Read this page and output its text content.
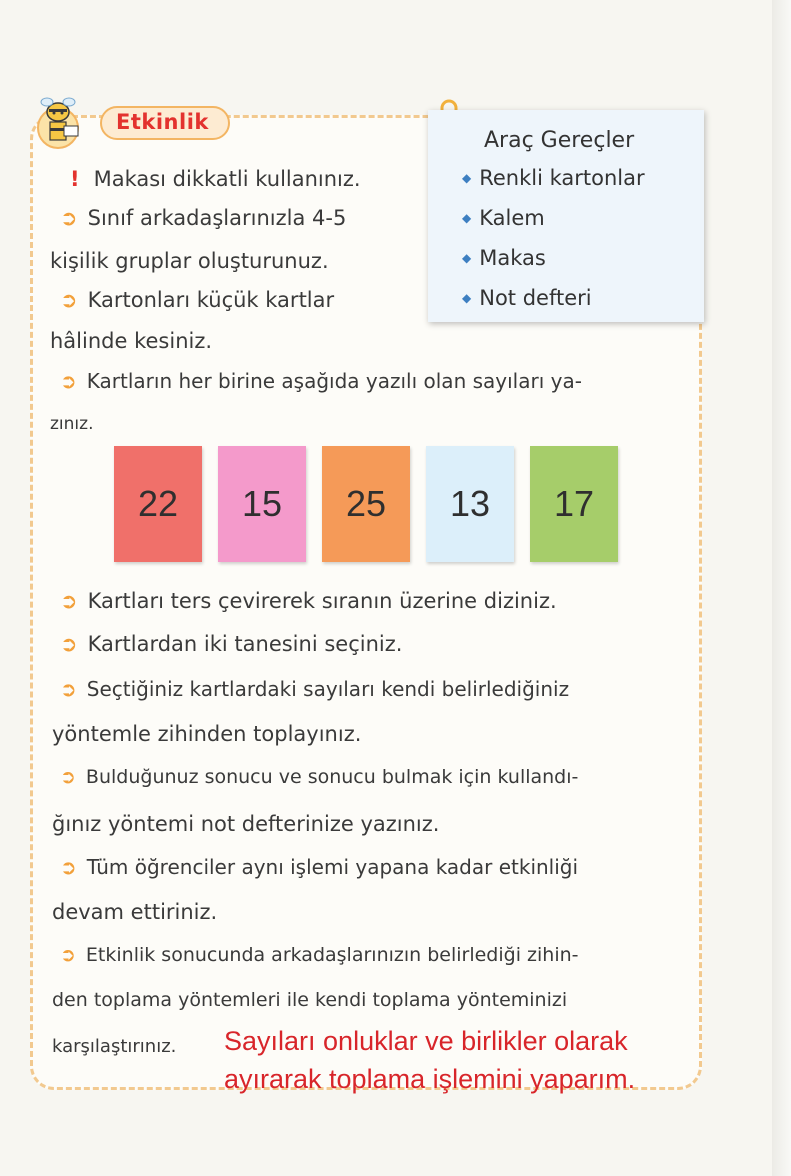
Etkinlik
Araç Gereçler
◆ Renkli kartonlar
◆ Kalem
◆ Makas
◆ Not defteri
! Makası dikkatli kullanınız.
➲ Sınıf arkadaşlarınızla 4-5
kişilik gruplar oluşturunuz.
➲ Kartonları küçük kartlar
hâlinde kesiniz.
➲ Kartların her birine aşağıda yazılı olan sayıları ya-
zınız.
22	15	25	13	17
➲ Kartları ters çevirerek sıranın üzerine diziniz.
➲ Kartlardan iki tanesini seçiniz.
➲ Seçtiğiniz kartlardaki sayıları kendi belirlediğiniz
yöntemle zihinden toplayınız.
➲ Bulduğunuz sonucu ve sonucu bulmak için kullandı-
ğınız yöntemi not defterinize yazınız.
➲ Tüm öğrenciler aynı işlemi yapana kadar etkinliği
devam ettiriniz.
➲ Etkinlik sonucunda arkadaşlarınızın belirlediği zihin-
den toplama yöntemleri ile kendi toplama yönteminizi
karşılaştırınız. Sayıları onluklar ve birlikler olarak
ayırarak toplama işlemini yaparım.
